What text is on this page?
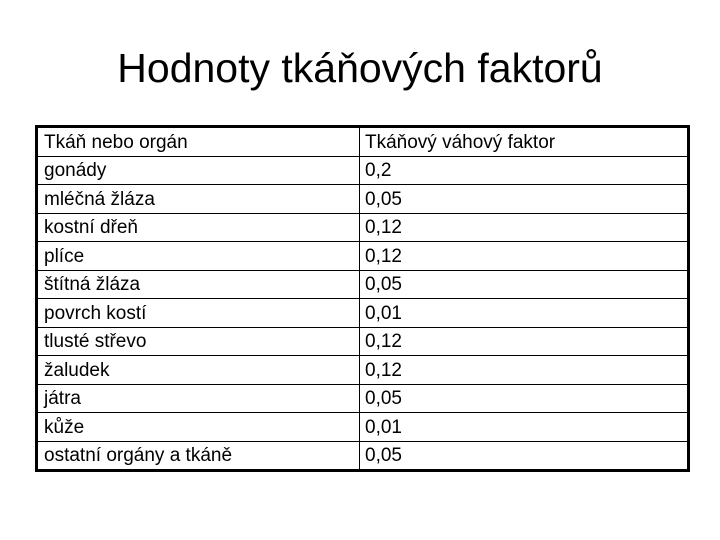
Hodnoty tkáňových faktorů
Tkáň nebo orgán	Tkáňový váhový faktor
gonády	0,2
mléčná žláza	0,05
kostní dřeň	0,12
plíce	0,12
štítná žláza	0,05
povrch kostí	0,01
tlusté střevo	0,12
žaludek	0,12
játra	0,05
kůže	0,01
ostatní orgány a tkáně	0,05
